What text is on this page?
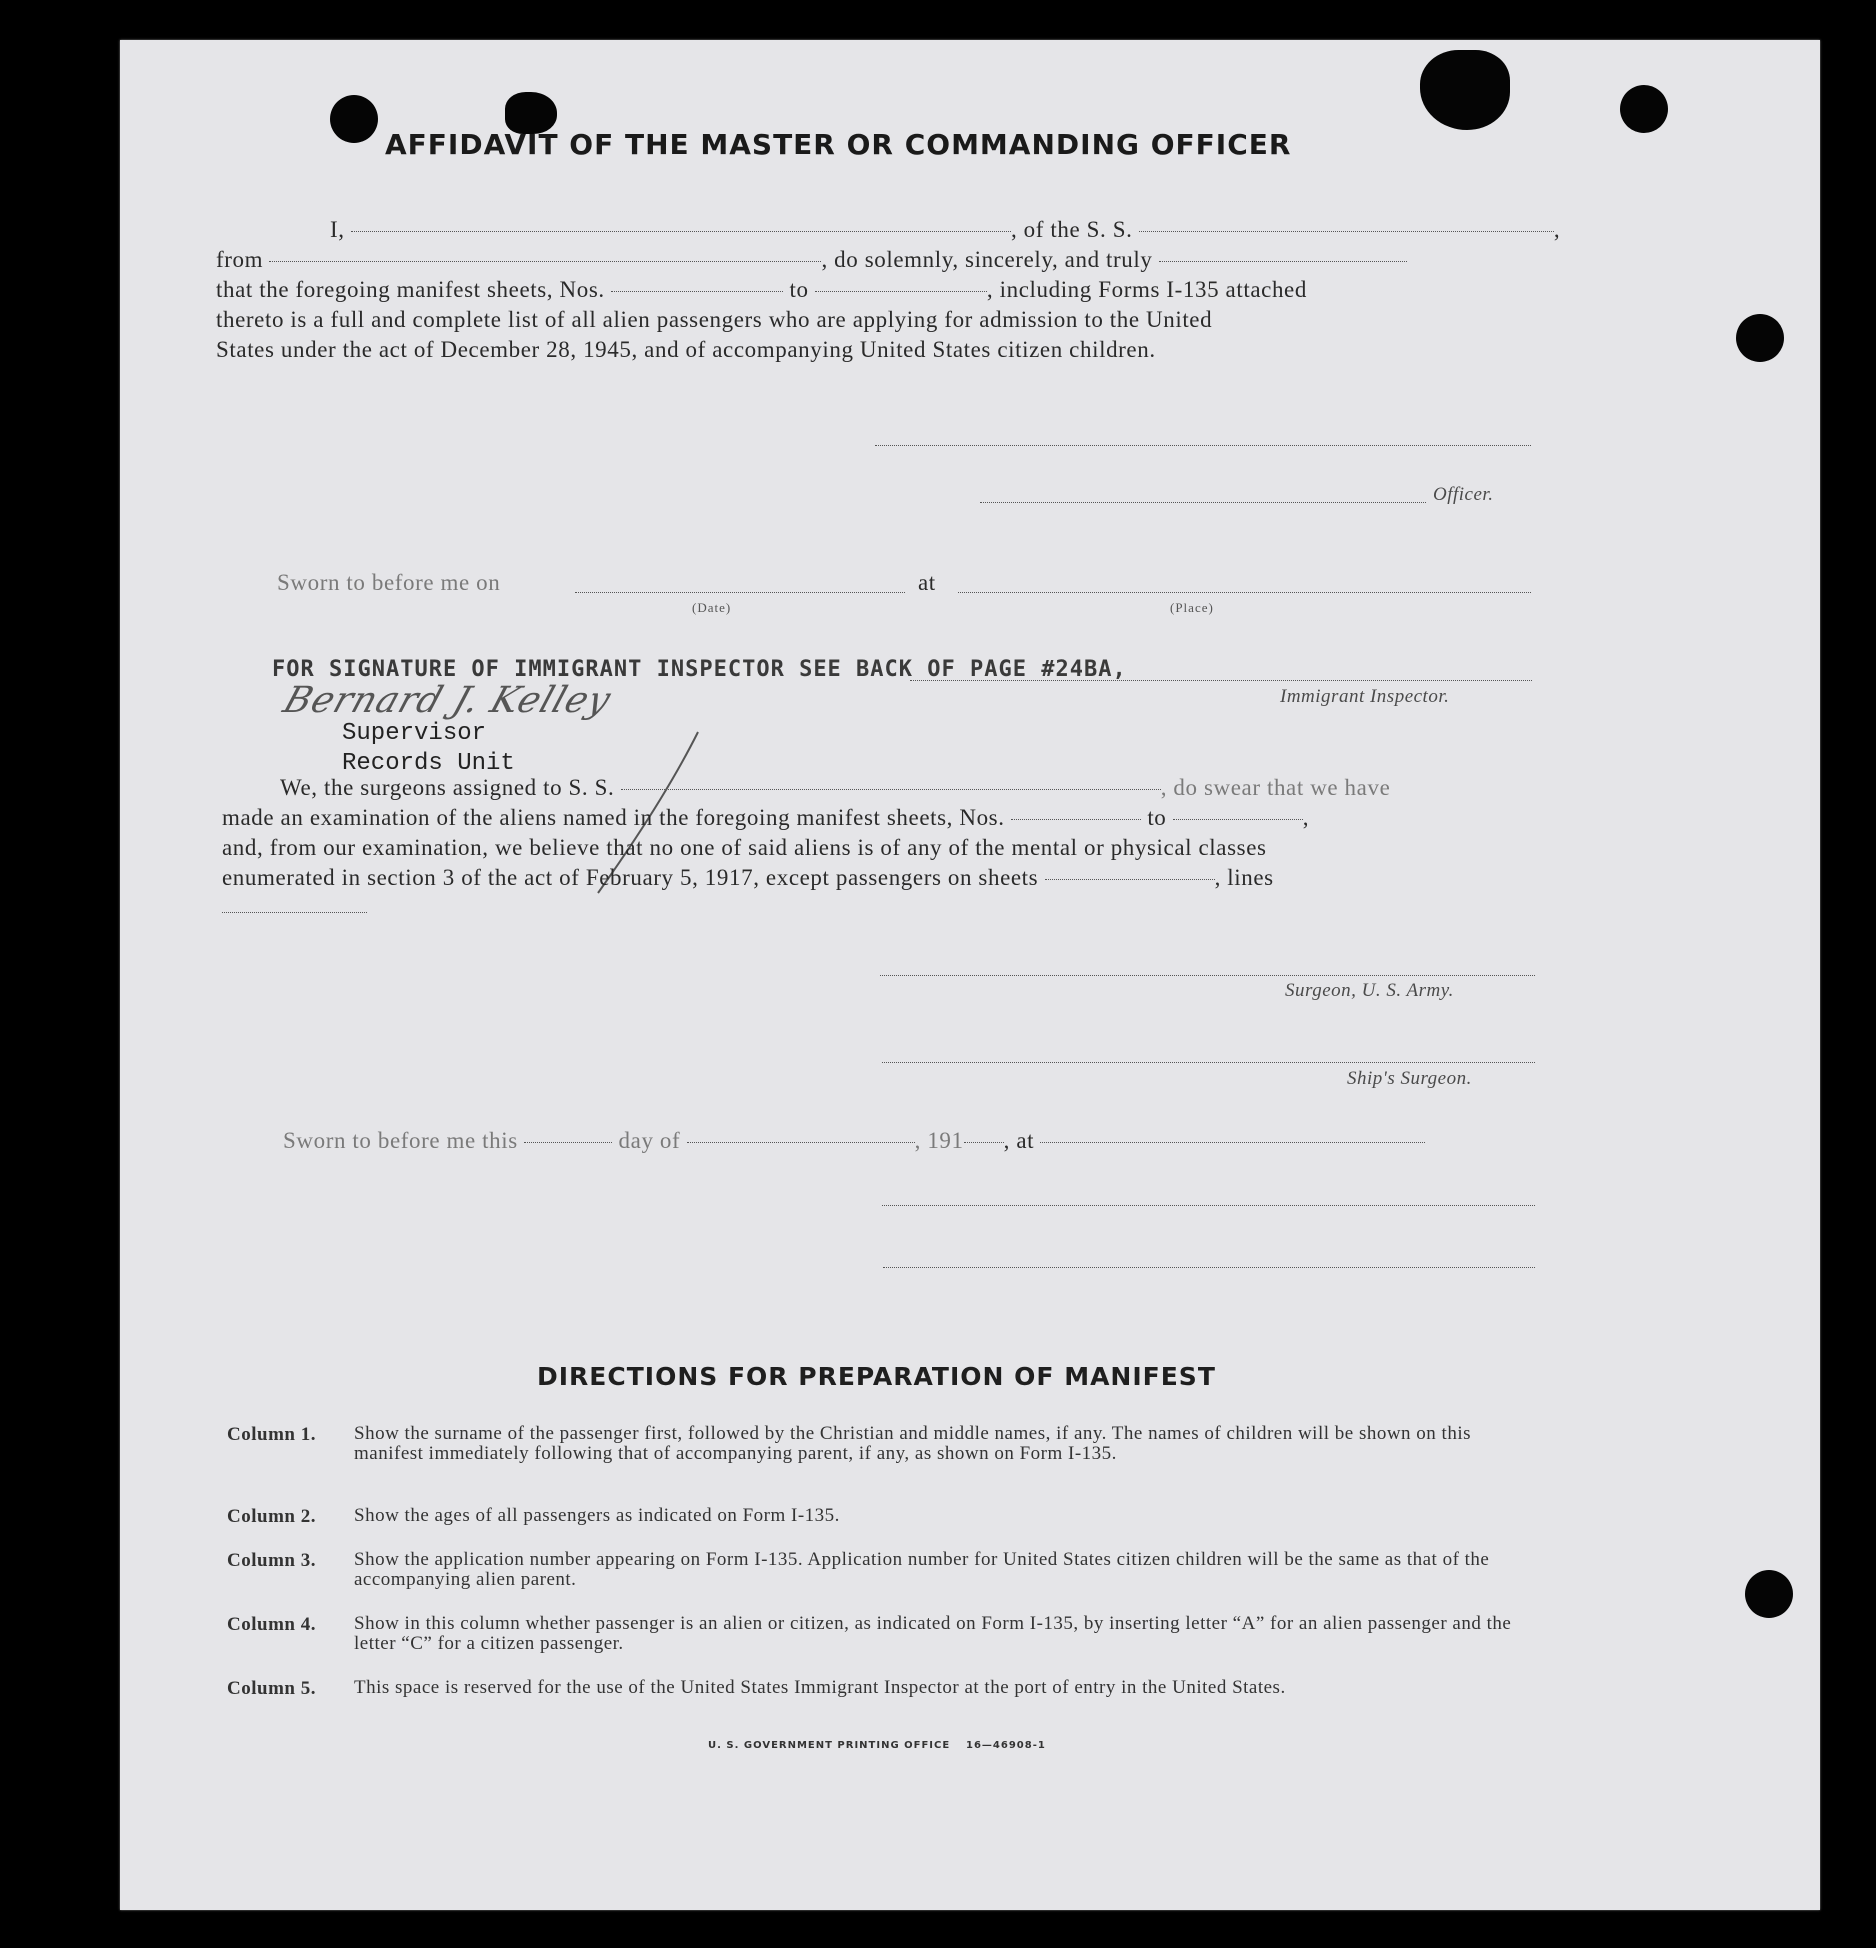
AFFIDAVIT OF THE MASTER OR COMMANDING OFFICER
I,	, of the S. S.	,
from	, do solemnly, sincerely, and truly
that the foregoing manifest sheets, Nos.	to	, including Forms I-135 attached
thereto is a full and complete list of all alien passengers who are applying for admission to the United
States under the act of December 28, 1945, and of accompanying United States citizen children.
Officer.
Sworn to before me on	at
(Date)	(Place)
FOR SIGNATURE OF IMMIGRANT INSPECTOR SEE BACK OF PAGE #24BA,
Immigrant Inspector.
Bernard J. Kelley
Supervisor
Records Unit
We, the surgeons assigned to S. S.	, do swear that we have
made an examination of the aliens named in the foregoing manifest sheets, Nos.	to	,
and, from our examination, we believe that no one of said aliens is of any of the mental or physical classes
enumerated in section 3 of the act of February 5, 1917, except passengers on sheets	, lines
Surgeon, U. S. Army.
Ship's Surgeon.
Sworn to before me this	day of	, 191 , at
DIRECTIONS FOR PREPARATION OF MANIFEST
Column 1. Show the surname of the passenger first, followed by the Christian and middle names, if any. The names of children will be shown on this manifest immediately following that of accompanying parent, if any, as shown on Form I-135.
Column 2. Show the ages of all passengers as indicated on Form I-135.
Column 3. Show the application number appearing on Form I-135. Application number for United States citizen children will be the same as that of the accompanying alien parent.
Column 4. Show in this column whether passenger is an alien or citizen, as indicated on Form I-135, by inserting letter “A” for an alien passenger and the letter “C” for a citizen passenger.
Column 5. This space is reserved for the use of the United States Immigrant Inspector at the port of entry in the United States.
U. S. GOVERNMENT PRINTING OFFICE 16—46908-1
